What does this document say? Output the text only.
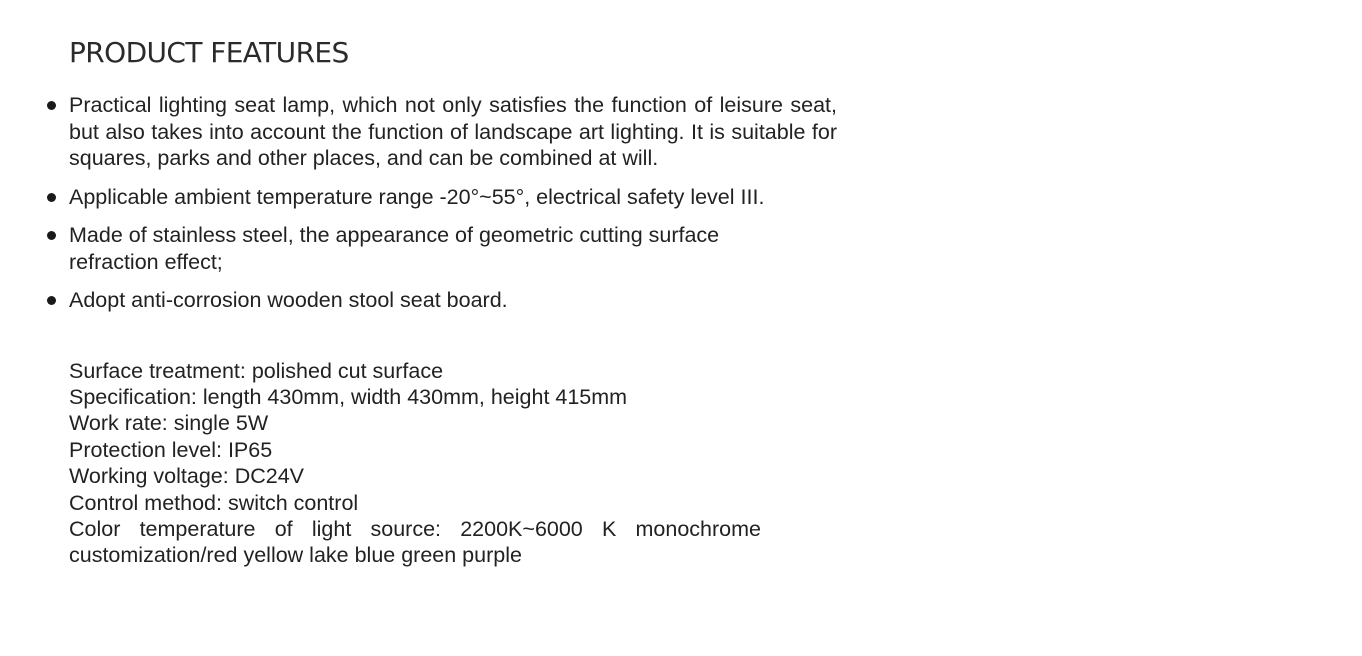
PRODUCT FEATURES
Practical lighting seat lamp, which not only satisfies the function of leisure seat, but also takes into account the function of landscape art lighting. It is suitable for squares, parks and other places, and can be combined at will.
Applicable ambient temperature range -20°~55°, electrical safety level III.
Made of stainless steel, the appearance of geometric cutting surface refraction effect;
Adopt anti-corrosion wooden stool seat board.
Surface treatment: polished cut surface
Specification: length 430mm, width 430mm, height 415mm
Work rate: single 5W
Protection level: IP65
Working voltage: DC24V
Control method: switch control
Color temperature of light source: 2200K~6000 K monochrome customization/red yellow lake blue green purple
